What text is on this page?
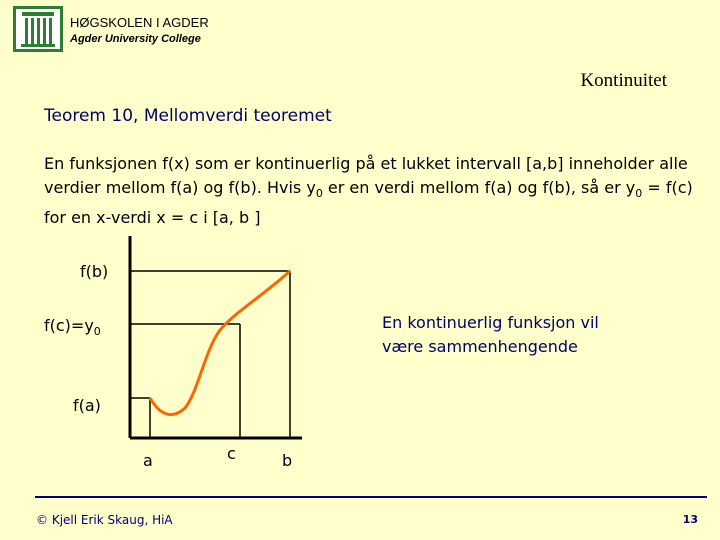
HØGSKOLEN I AGDER
Agder University College
Kontinuitet
Teorem 10, Mellomverdi teoremet
En funksjonen f(x) som er kontinuerlig på et lukket intervall [a,b] inneholder alle verdier mellom f(a) og f(b). Hvis $y_0$ er en verdi mellom f(a) og f(b), så er $y_0 = f(c)$ for en x-verdi x = c i [a, b ]
f(b)
$f(c)=y_0$
f(a)
a	c	b
En kontinuerlig funksjon vil
være sammenhengende
© Kjell Erik Skaug, HiA	13
